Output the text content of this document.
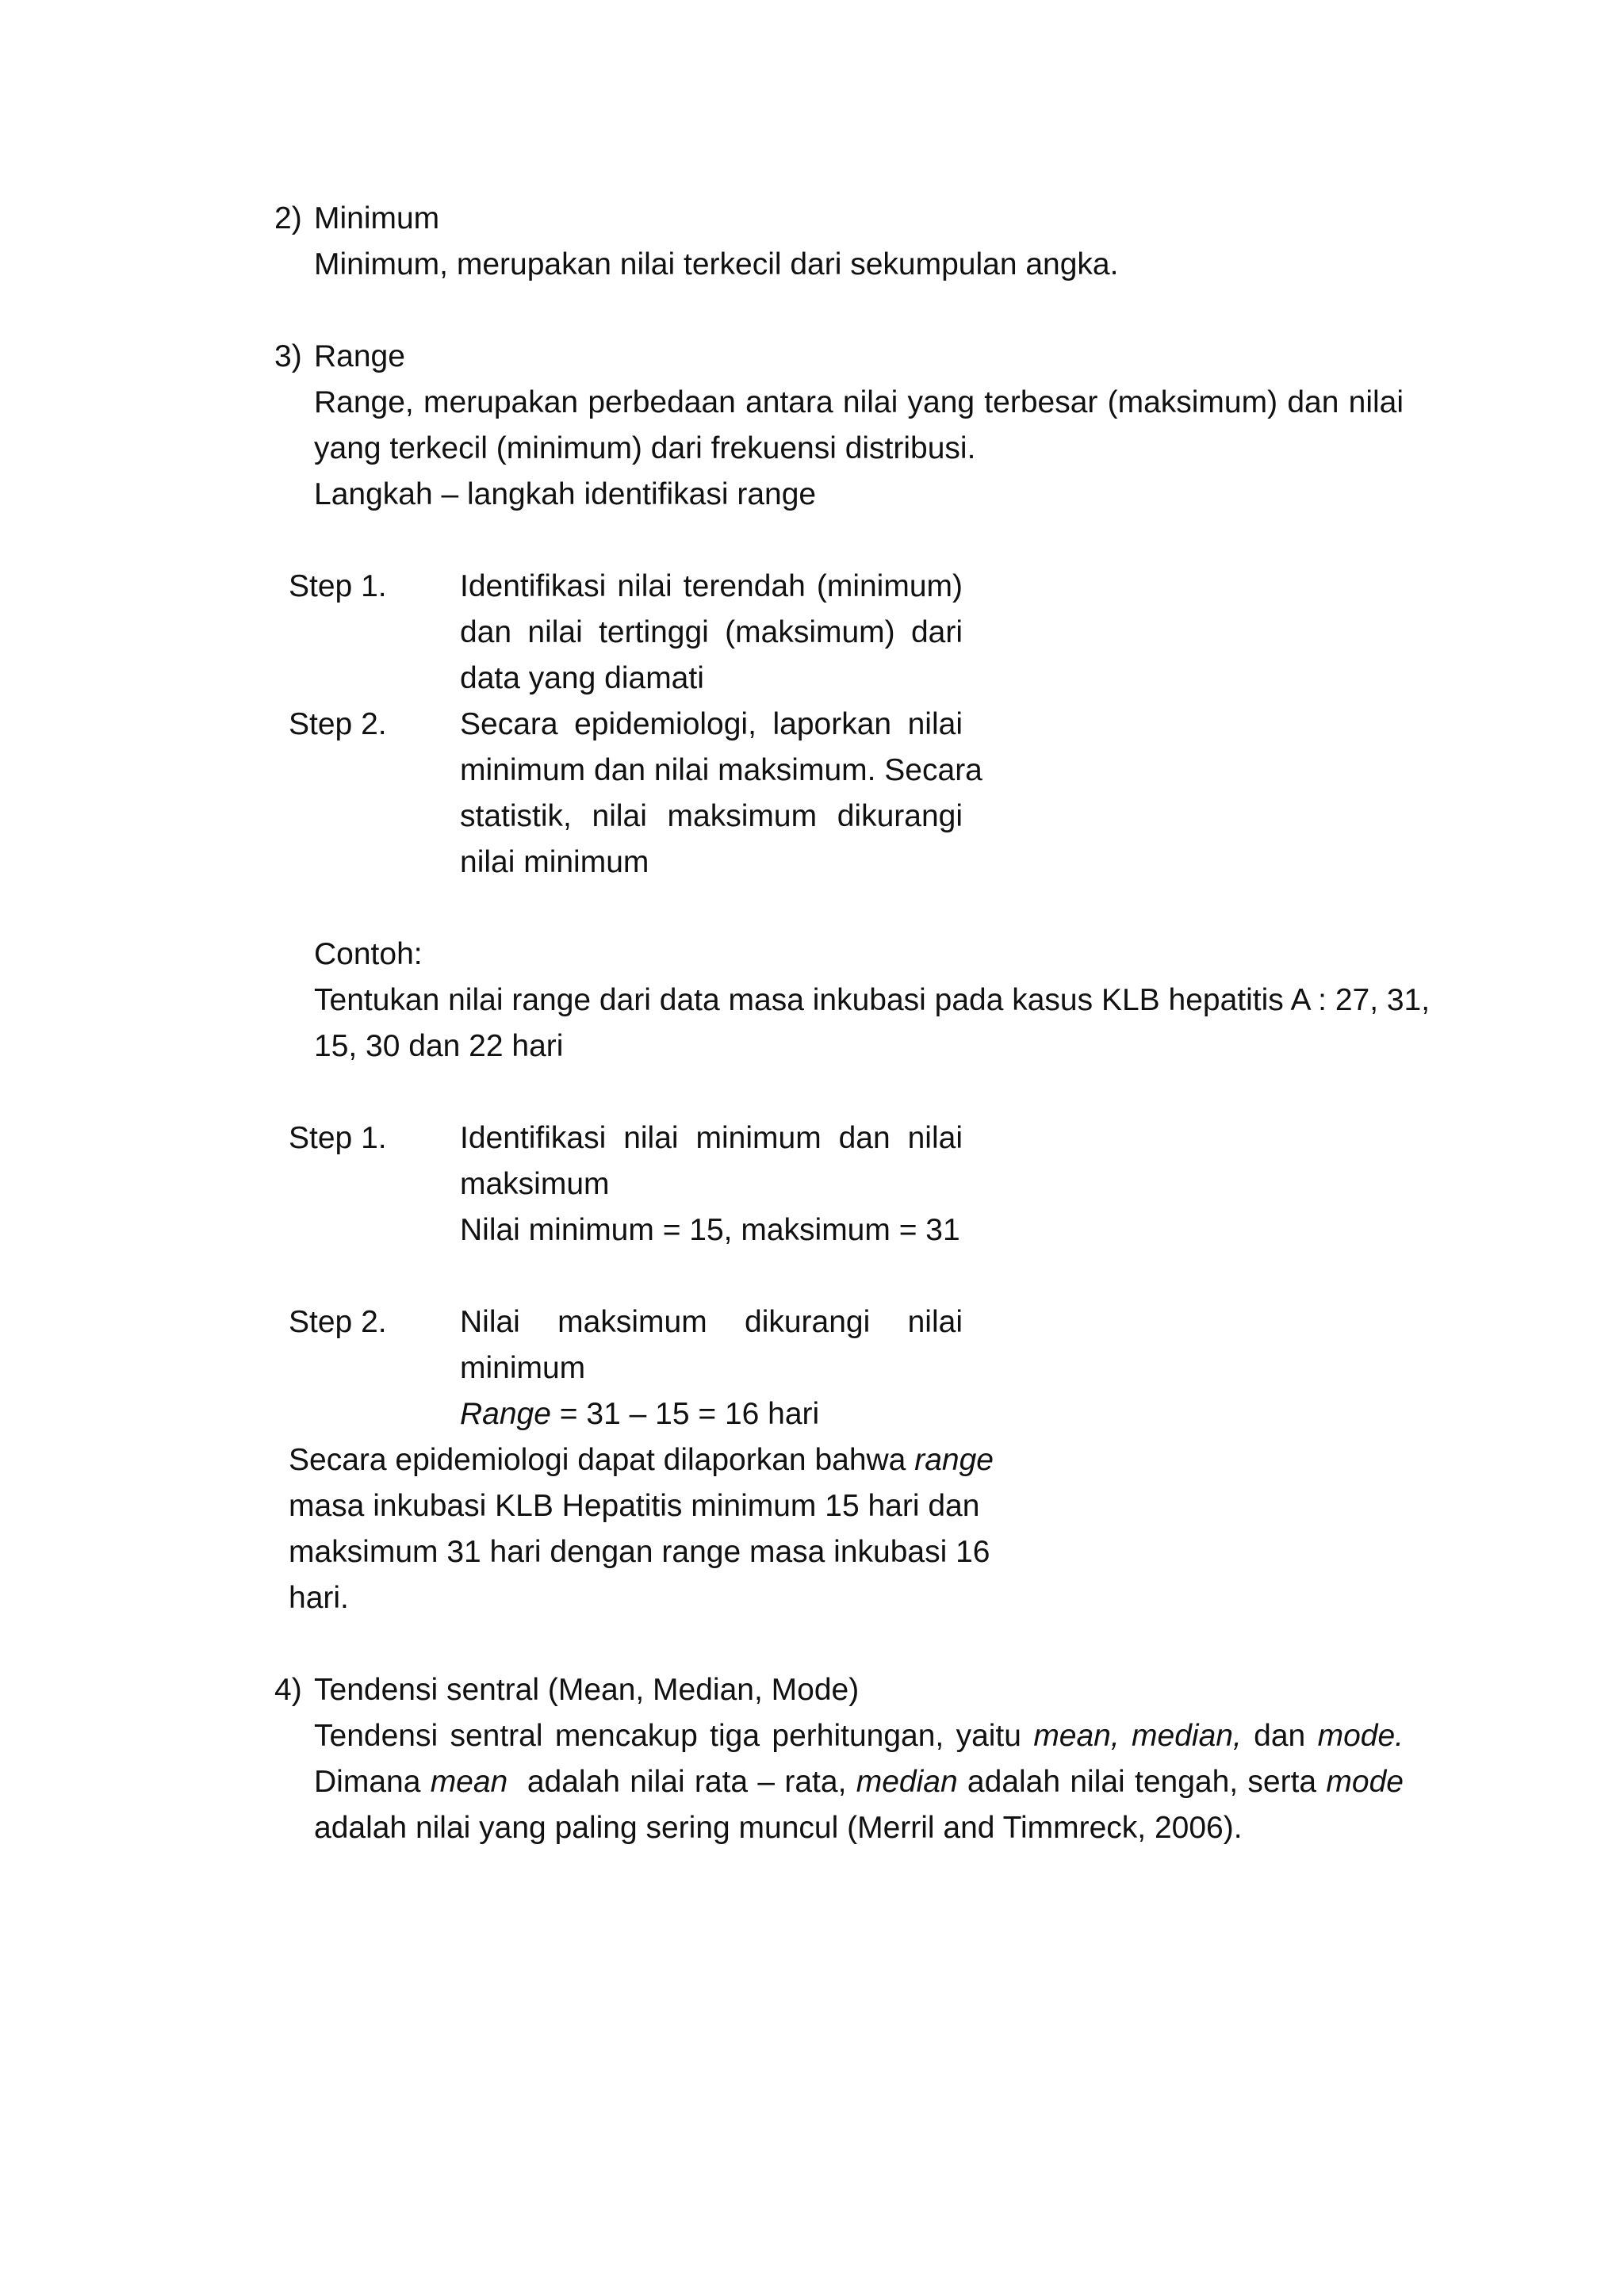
2) Minimum
Minimum, merupakan nilai terkecil dari sekumpulan angka.
3) Range
Range, merupakan perbedaan antara nilai yang terbesar (maksimum) dan nilai
yang terkecil (minimum) dari frekuensi distribusi.
Langkah – langkah identifikasi range
Step 1. Identifikasi nilai terendah (minimum)
dan nilai tertinggi (maksimum) dari
data yang diamati
Step 2. Secara epidemiologi, laporkan nilai
minimum dan nilai maksimum. Secara
statistik, nilai maksimum dikurangi
nilai minimum
Contoh:
Tentukan nilai range dari data masa inkubasi pada kasus KLB hepatitis A : 27, 31,
15, 30 dan 22 hari
Step 1. Identifikasi nilai minimum dan nilai
maksimum
Nilai minimum = 15, maksimum = 31
Step 2. Nilai maksimum dikurangi nilai
minimum
Range = 31 – 15 = 16 hari
Secara epidemiologi dapat dilaporkan bahwa range
masa inkubasi KLB Hepatitis minimum 15 hari dan
maksimum 31 hari dengan range masa inkubasi 16
hari.
4) Tendensi sentral (Mean, Median, Mode)
Tendensi sentral mencakup tiga perhitungan, yaitu mean, median, dan mode.
Dimana mean  adalah nilai rata – rata, median adalah nilai tengah, serta mode
adalah nilai yang paling sering muncul (Merril and Timmreck, 2006).
